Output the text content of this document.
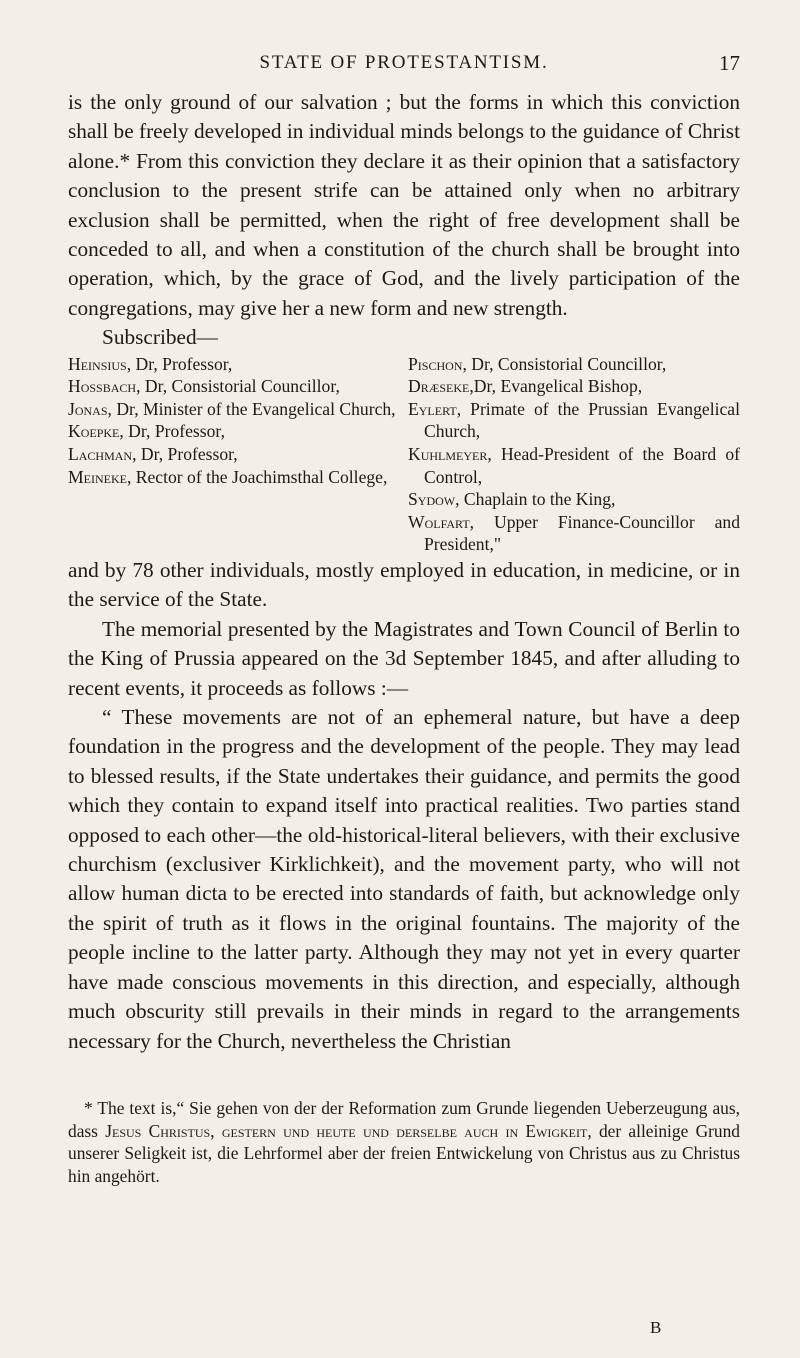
STATE OF PROTESTANTISM.	17

is the only ground of our salvation ; but the forms in which this conviction shall be freely developed in individual minds belongs to the guidance of Christ alone.* From this conviction they declare it as their opinion that a satisfactory conclusion to the present strife can be attained only when no arbitrary exclusion shall be permitted, when the right of free development shall be conceded to all, and when a constitution of the church shall be brought into operation, which, by the grace of God, and the lively participation of the congregations, may give her a new form and new strength.

Subscribed—

Heinsius, Dr, Professor,
Hossbach, Dr, Consistorial Councillor,
Jonas, Dr, Minister of the Evangelical Church,
Koepke, Dr, Professor,
Lachman, Dr, Professor,
Meineke, Rector of the Joachimsthal College,
Pischon, Dr, Consistorial Councillor,
Dræseke,Dr, Evangelical Bishop,
Eylert, Primate of the Prussian Evangelical Church,
Kuhlmeyer, Head-President of the Board of Control,
Sydow, Chaplain to the King,
Wolfart, Upper Finance-Councillor and President,"

and by 78 other individuals, mostly employed in education, in medicine, or in the service of the State.

The memorial presented by the Magistrates and Town Council of Berlin to the King of Prussia appeared on the 3d September 1845, and after alluding to recent events, it proceeds as follows :—

“ These movements are not of an ephemeral nature, but have a deep foundation in the progress and the development of the people. They may lead to blessed results, if the State undertakes their guidance, and permits the good which they contain to expand itself into practical realities. Two parties stand opposed to each other—the old-historical-literal believers, with their exclusive churchism (exclusiver Kirklichkeit), and the movement party, who will not allow human dicta to be erected into standards of faith, but acknowledge only the spirit of truth as it flows in the original fountains. The majority of the people incline to the latter party. Although they may not yet in every quarter have made conscious movements in this direction, and especially, although much obscurity still prevails in their minds in regard to the arrangements necessary for the Church, nevertheless the Christian

* The text is,“ Sie gehen von der der Reformation zum Grunde liegenden Ueberzeugung aus, dass Jesus Christus, gestern und heute und derselbe auch in Ewigkeit, der alleinige Grund unserer Seligkeit ist, die Lehrformel aber der freien Entwickelung von Christus aus zu Christus hin angehört.
B
